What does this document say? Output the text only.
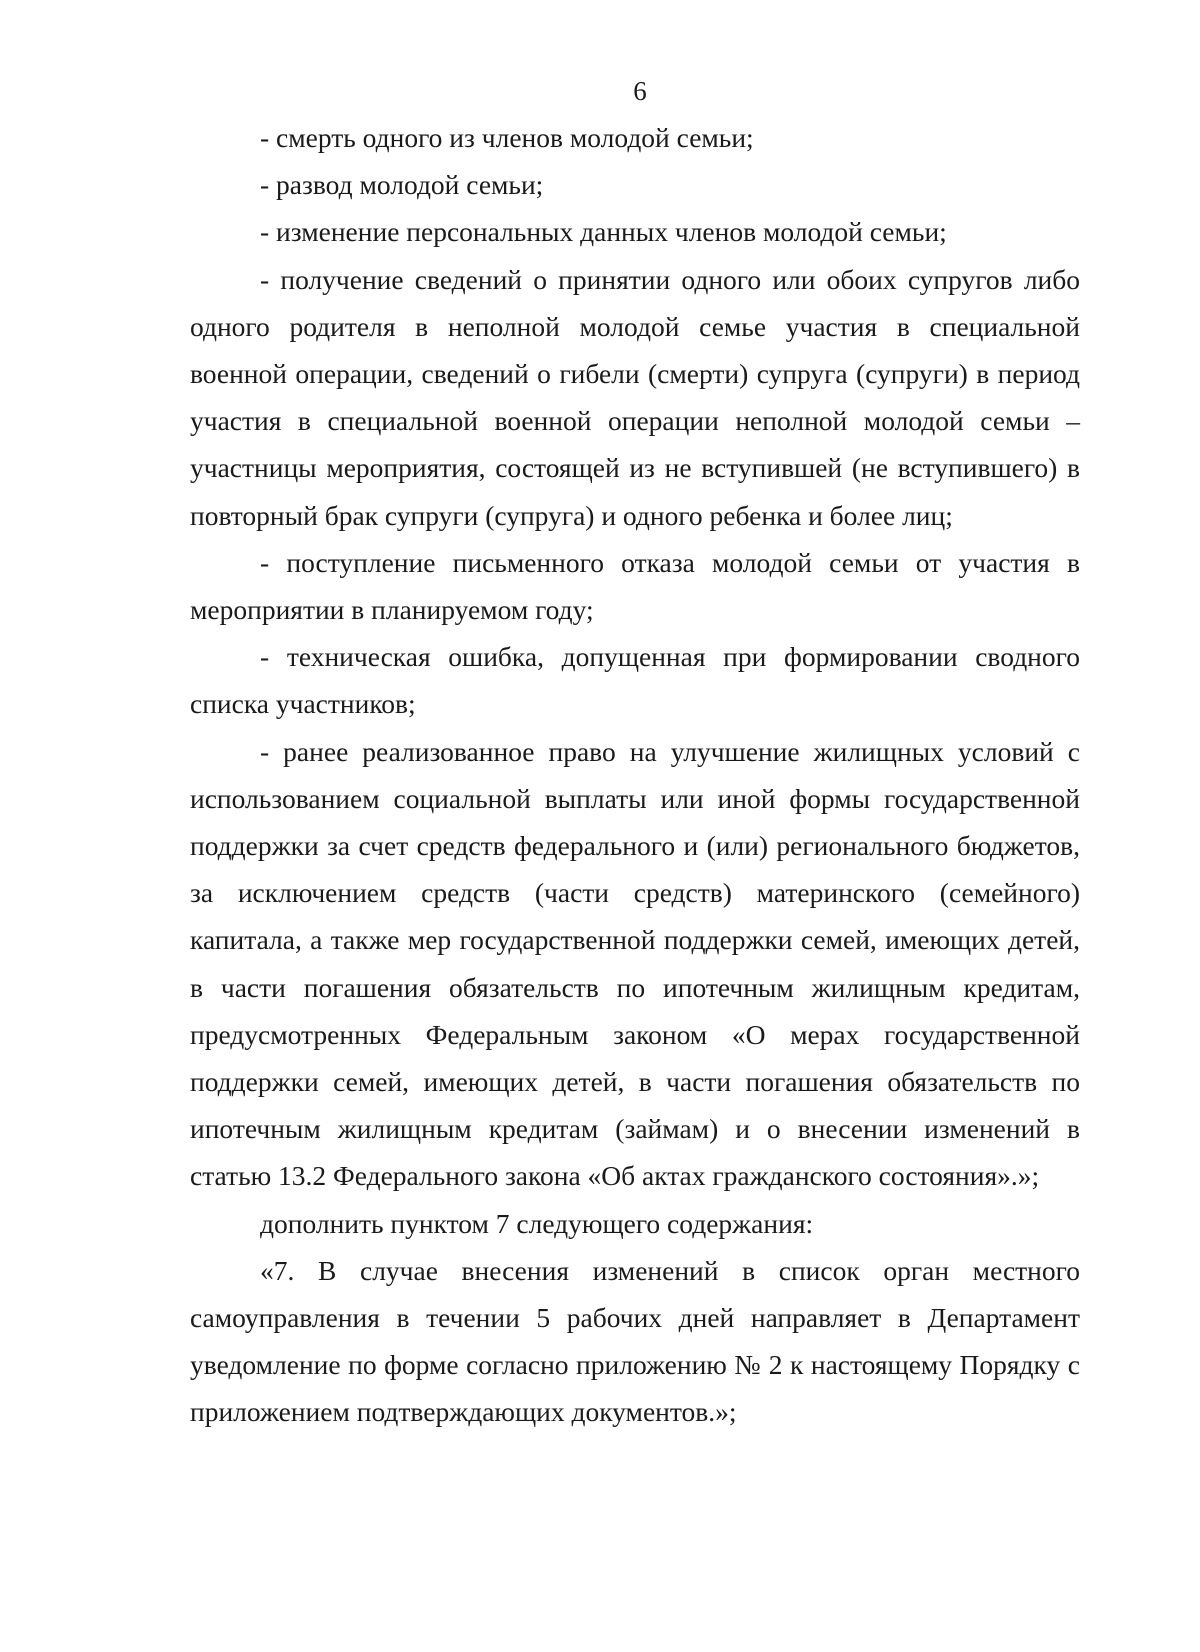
6

- смерть одного из членов молодой семьи;

- развод молодой семьи;

- изменение персональных данных членов молодой семьи;

- получение сведений о принятии одного или обоих супругов либо одного родителя в неполной молодой семье участия в специальной военной операции, сведений о гибели (смерти) супруга (супруги) в период участия в специальной военной операции неполной молодой семьи – участницы мероприятия, состоящей из не вступившей (не вступившего) в повторный брак супруги (супруга) и одного ребенка и более лиц;

- поступление письменного отказа молодой семьи от участия в мероприятии в планируемом году;

- техническая ошибка, допущенная при формировании сводного списка участников;

- ранее реализованное право на улучшение жилищных условий с использованием социальной выплаты или иной формы государственной поддержки за счет средств федерального и (или) регионального бюджетов, за исключением средств (части средств) материнского (семейного) капитала, а также мер государственной поддержки семей, имеющих детей, в части погашения обязательств по ипотечным жилищным кредитам, предусмотренных Федеральным законом «О мерах государственной поддержки семей, имеющих детей, в части погашения обязательств по ипотечным жилищным кредитам (займам) и о внесении изменений в статью 13.2 Федерального закона «Об актах гражданского состояния».»;

дополнить пунктом 7 следующего содержания:

«7. В случае внесения изменений в список орган местного самоуправления в течении 5 рабочих дней направляет в Департамент уведомление по форме согласно приложению № 2 к настоящему Порядку с приложением подтверждающих документов.»;
